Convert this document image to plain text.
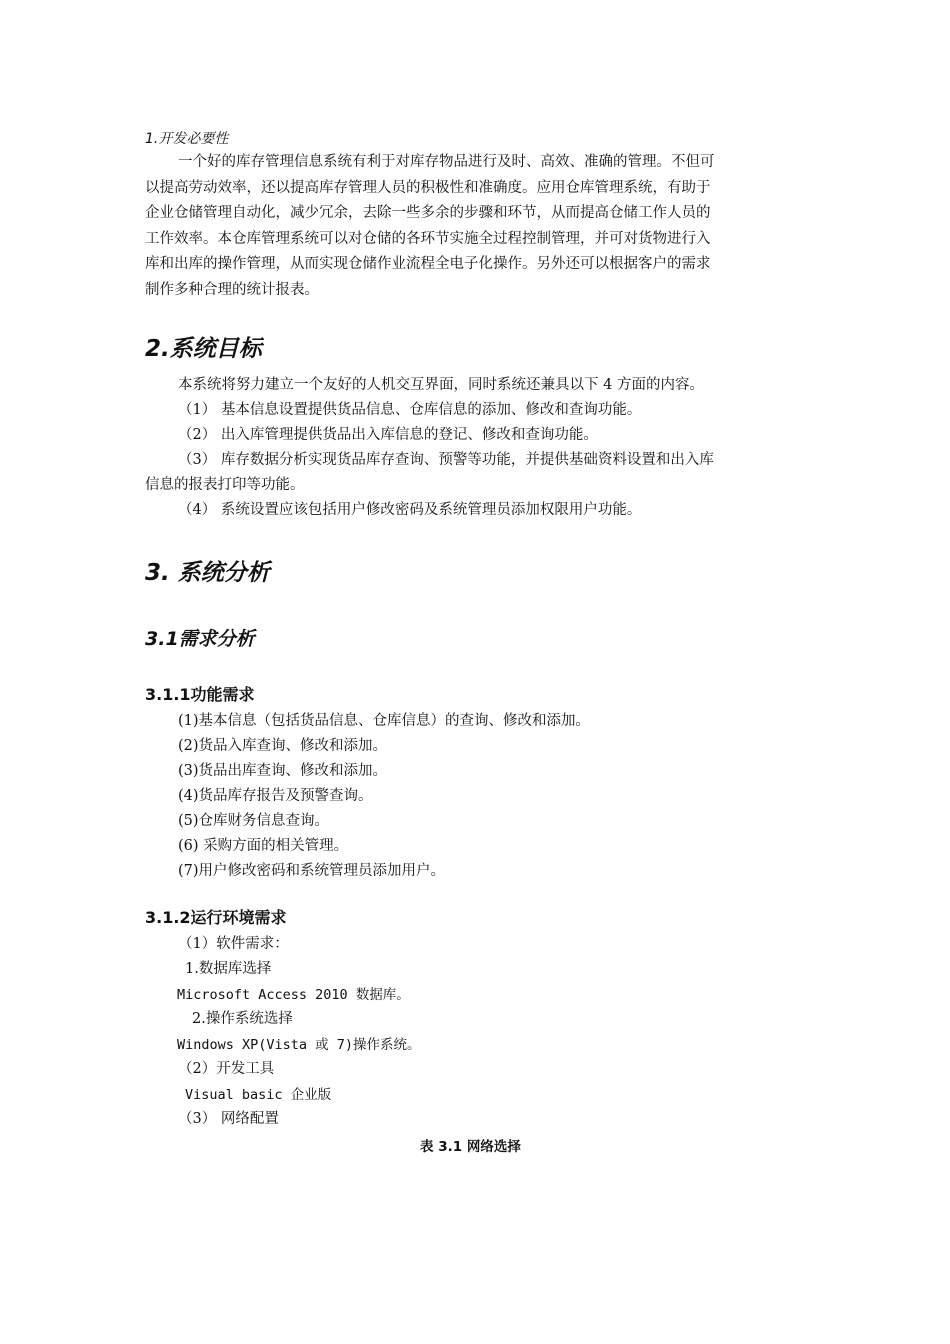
1.开发必要性
一个好的库存管理信息系统有利于对库存物品进行及时、高效、准确的管理。不但可
以提高劳动效率，还以提高库存管理人员的积极性和准确度。应用仓库管理系统，有助于
企业仓储管理自动化，减少冗余，去除一些多余的步骤和环节，从而提高仓储工作人员的
工作效率。本仓库管理系统可以对仓储的各环节实施全过程控制管理，并可对货物进行入
库和出库的操作管理，从而实现仓储作业流程全电子化操作。另外还可以根据客户的需求
制作多种合理的统计报表。
2.系统目标
本系统将努力建立一个友好的人机交互界面，同时系统还兼具以下 4 方面的内容。
（1） 基本信息设置提供货品信息、仓库信息的添加、修改和查询功能。
（2） 出入库管理提供货品出入库信息的登记、修改和查询功能。
（3） 库存数据分析实现货品库存查询、预警等功能，并提供基础资料设置和出入库
信息的报表打印等功能。
（4） 系统设置应该包括用户修改密码及系统管理员添加权限用户功能。
3. 系统分析
3.1需求分析
3.1.1功能需求
(1)基本信息（包括货品信息、仓库信息）的查询、修改和添加。
(2)货品入库查询、修改和添加。
(3)货品出库查询、修改和添加。
(4)货品库存报告及预警查询。
(5)仓库财务信息查询。
(6) 采购方面的相关管理。
(7)用户修改密码和系统管理员添加用户。
3.1.2运行环境需求
（1）软件需求：
1.数据库选择
Microsoft Access 2010 数据库。
2.操作系统选择
Windows XP(Vista 或 7)操作系统。
（2）开发工具
Visual basic 企业版
（3） 网络配置
表 3.1 网络选择
